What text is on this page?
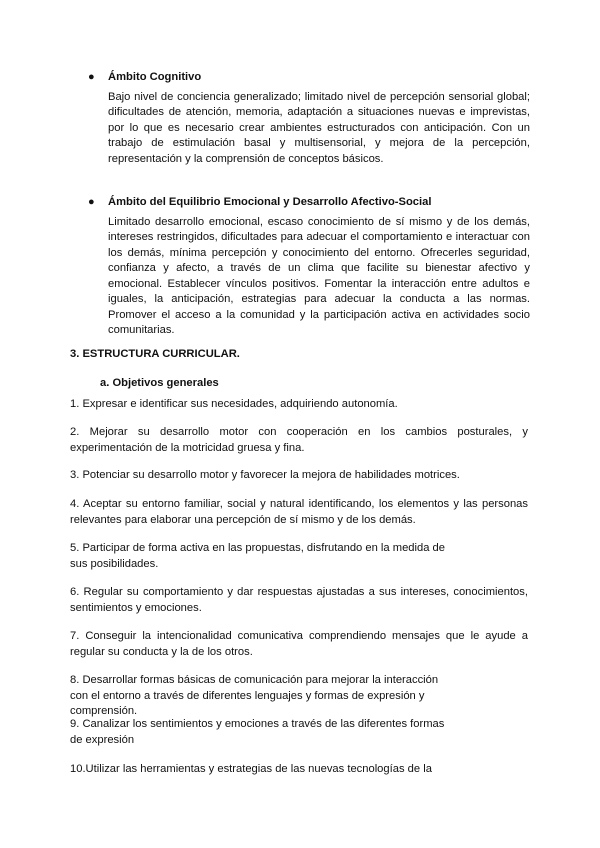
●	Ámbito Cognitivo
Bajo nivel de conciencia generalizado; limitado nivel de percepción sensorial global; dificultades de atención, memoria, adaptación a situaciones nuevas e imprevistas, por lo que es necesario crear ambientes estructurados con anticipación. Con un trabajo de estimulación basal y multisensorial, y mejora de la percepción, representación y la comprensión de conceptos básicos.
●	Ámbito del Equilibrio Emocional y Desarrollo Afectivo-Social
Limitado desarrollo emocional, escaso conocimiento de sí mismo y de los demás, intereses restringidos, dificultades para adecuar el comportamiento e interactuar con los demás, mínima percepción y conocimiento del entorno. Ofrecerles seguridad, confianza y afecto, a través de un clima que facilite su bienestar afectivo y emocional. Establecer vínculos positivos. Fomentar la interacción entre adultos e iguales, la anticipación, estrategias para adecuar la conducta a las normas. Promover el acceso a la comunidad y la participación activa en actividades socio comunitarias.
3. ESTRUCTURA CURRICULAR.
a. Objetivos generales
1. Expresar e identificar sus necesidades, adquiriendo autonomía.
2. Mejorar su desarrollo motor con cooperación en los cambios posturales, y experimentación de la motricidad gruesa y fina.
3. Potenciar su desarrollo motor y favorecer la mejora de habilidades motrices.
4. Aceptar su entorno familiar, social y natural identificando, los elementos y las personas relevantes para elaborar una percepción de sí mismo y de los demás.
5. Participar de forma activa en las propuestas, disfrutando en la medida de sus posibilidades.
6. Regular su comportamiento y dar respuestas ajustadas a sus intereses, conocimientos, sentimientos y emociones.
7. Conseguir la intencionalidad comunicativa comprendiendo mensajes que le ayude a regular su conducta y la de los otros.
8. Desarrollar formas básicas de comunicación para mejorar la interacción con el entorno a través de diferentes lenguajes y formas de expresión y comprensión.
9. Canalizar los sentimientos y emociones a través de las diferentes formas de expresión
10.Utilizar las herramientas y estrategias de las nuevas tecnologías de la
